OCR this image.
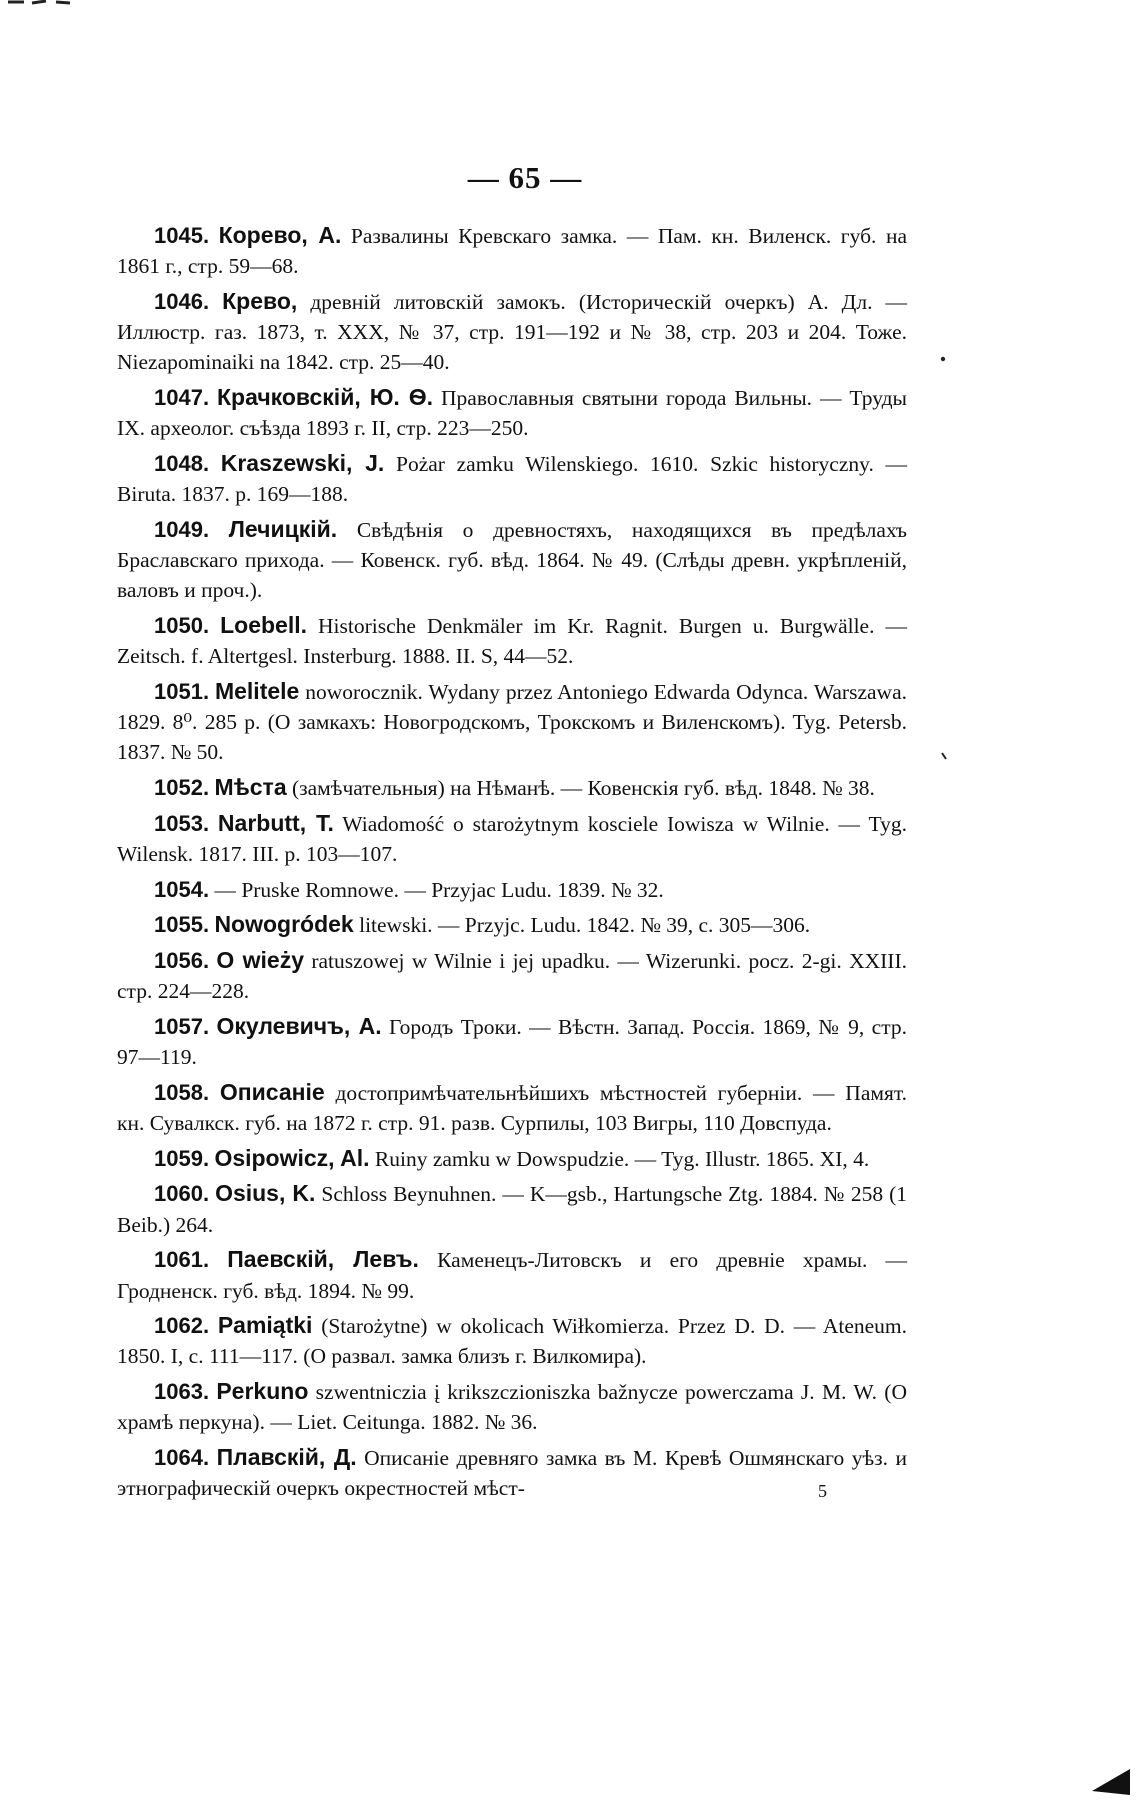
— 65 —

1045. Корево, А. Развалины Кревскаго замка. — Пам. кн. Виленск. губ. на 1861 г., стр. 59—68.

1046. Крево, древній литовскій замокъ. (Историческій очеркъ) А. Дл. — Иллюстр. газ. 1873, т. XXX, № 37, стр. 191—192 и № 38, стр. 203 и 204. Тоже. Niezapominaiki na 1842. стр. 25—40.

1047. Крачковскій, Ю. Ѳ. Православныя святыни города Вильны. — Труды IX. археолог. съѣзда 1893 г. II, стр. 223—250.

1048. Kraszewski, J. Pożar zamku Wilenskiego. 1610. Szkic historyczny. — Biruta. 1837. p. 169—188.

1049. Лечицкій. Свѣдѣнія о древностяхъ, находящихся въ предѣлахъ Браславскаго прихода. — Ковенск. губ. вѣд. 1864. № 49. (Слѣды древн. укрѣпленій, валовъ и проч.).

1050. Loebell. Historische Denkmäler im Kr. Ragnit. Burgen u. Burgwälle. — Zeitsch. f. Altertgesl. Insterburg. 1888. II. S, 44—52.

1051. Melitele noworocznik. Wydany przez Antoniego Edwarda Odynca. Warszawa. 1829. 8⁰. 285 p. (О замкахъ: Новогродскомъ, Трокскомъ и Виленскомъ). Tyg. Petersb. 1837. № 50.

1052. Мѣста (замѣчательныя) на Нѣманѣ. — Ковенскія губ. вѣд. 1848. № 38.

1053. Narbutt, T. Wiadomość o starożytnym kosciele Iowisza w Wilnie. — Tyg. Wilensk. 1817. III. p. 103—107.

1054. — Pruske Romnowe. — Przyjac Ludu. 1839. № 32.

1055. Nowogródek litewski. — Przyjc. Ludu. 1842. № 39, с. 305—306.

1056. O wieży ratuszowej w Wilnie i jej upadku. — Wizerunki. pocz. 2-gi. XXIII. стр. 224—228.

1057. Окулевичъ, А. Городъ Троки. — Вѣстн. Запад. Россія. 1869, № 9, стр. 97—119.

1058. Описаніе достопримѣчательнѣйшихъ мѣстностей губерніи. — Памят. кн. Сувалкск. губ. на 1872 г. стр. 91. разв. Сурпилы, 103 Вигры, 110 Довспуда.

1059. Osipowicz, Al. Ruiny zamku w Dowspudzie. — Tyg. Illustr. 1865. XI, 4.

1060. Osius, K. Schloss Beynuhnen. — K—gsb., Hartungsche Ztg. 1884. № 258 (1 Beib.) 264.

1061. Паевскій, Левъ. Каменецъ-Литовскъ и его древніе храмы. — Гродненск. губ. вѣд. 1894. № 99.

1062. Pamiątki (Starożytne) w okolicach Wiłkomierza. Przez D. D. — Ateneum. 1850. I, с. 111—117. (О развал. замка близъ г. Вилкомира).

1063. Perkuno szwentniczia į krikszczioniszka bažnycze powerczama J. M. W. (О храмѣ перкуна). — Liet. Ceitunga. 1882. № 36.

1064. Плавскій, Д. Описаніе древняго замка въ М. Кревѣ Ошмянскаго уѣз. и этнографическій очеркъ окрестностей мѣст-	5
